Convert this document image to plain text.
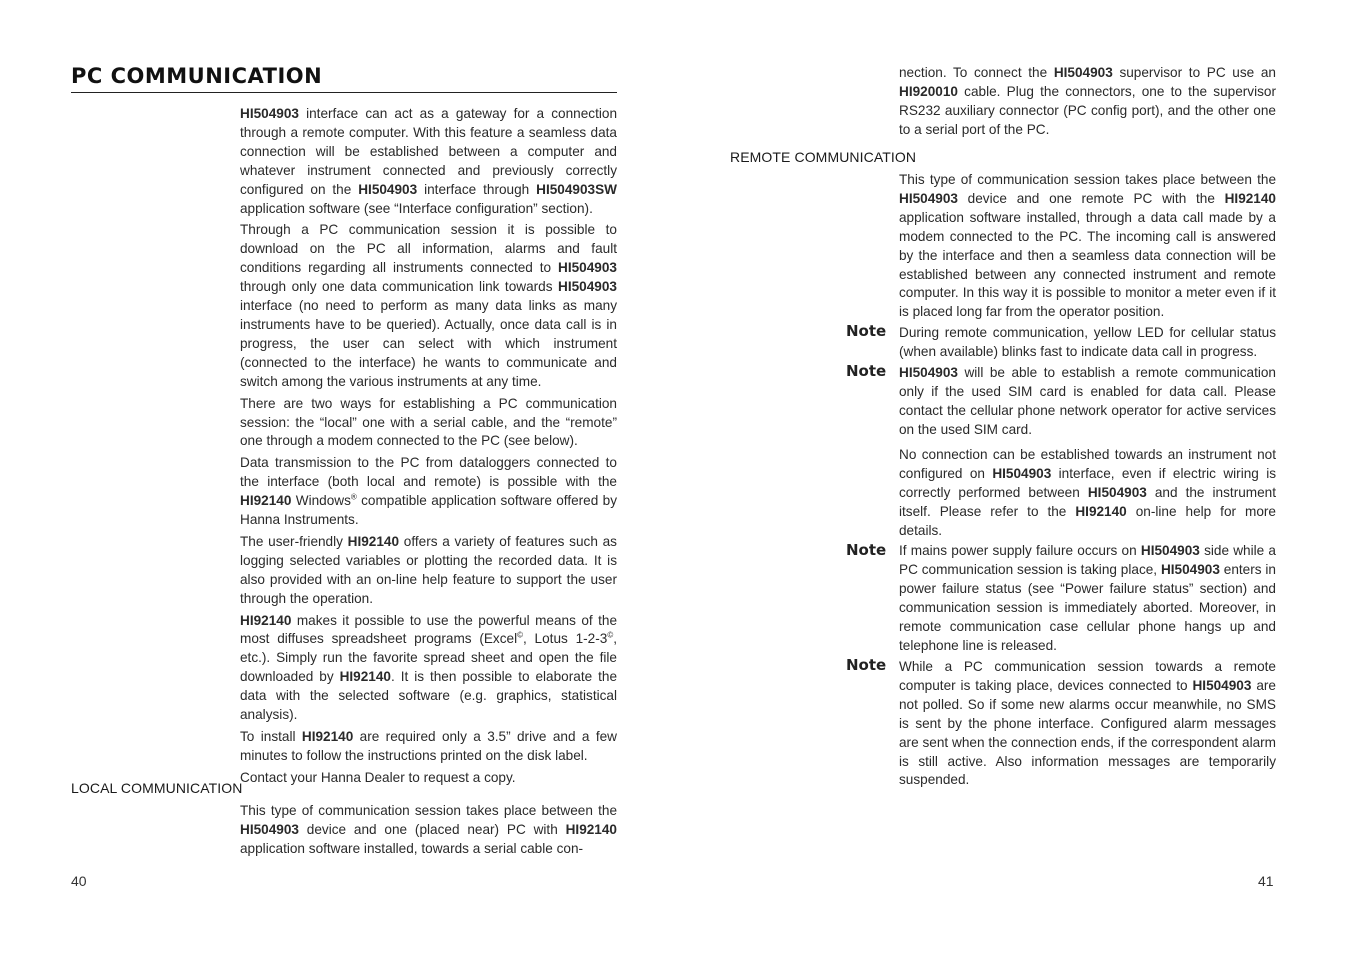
PC COMMUNICATION

HI504903 interface can act as a gateway for a connection through a remote computer. With this feature a seamless data connection will be established between a computer and whatever instrument connected and previously correctly configured on the HI504903 interface through HI504903SW application software (see “Interface configuration” section).

Through a PC communication session it is possible to download on the PC all information, alarms and fault conditions regarding all instruments connected to HI504903 through only one data communication link towards HI504903 interface (no need to perform as many data links as many instruments have to be queried). Actually, once data call is in progress, the user can select with which instrument (connected to the interface) he wants to communicate and switch among the various instruments at any time.

There are two ways for establishing a PC communication session: the “local” one with a serial cable, and the “remote” one through a modem connected to the PC (see below).

Data transmission to the PC from dataloggers connected to the interface (both local and remote) is possible with the HI92140 Windows® compatible application software offered by Hanna Instruments.

The user-friendly HI92140 offers a variety of features such as logging selected variables or plotting the recorded data. It is also provided with an on-line help feature to support the user through the operation.

HI92140 makes it possible to use the powerful means of the most diffuses spreadsheet programs (Excel©, Lotus 1-2-3©, etc.). Simply run the favorite spread sheet and open the file downloaded by HI92140. It is then possible to elaborate the data with the selected software (e.g. graphics, statistical analysis).

To install HI92140 are required only a 3.5” drive and a few minutes to follow the instructions printed on the disk label.

Contact your Hanna Dealer to request a copy.

LOCAL COMMUNICATION

This type of communication session takes place between the HI504903 device and one (placed near) PC with HI92140 application software installed, towards a serial cable con-

40

nection. To connect the HI504903 supervisor to PC use an HI920010 cable. Plug the connectors, one to the supervisor RS232 auxiliary connector (PC config port), and the other one to a serial port of the PC.

REMOTE COMMUNICATION

This type of communication session takes place between the HI504903 device and one remote PC with the HI92140 application software installed, through a data call made by a modem connected to the PC. The incoming call is answered by the interface and then a seamless data connection will be established between any connected instrument and remote computer. In this way it is possible to monitor a meter even if it is placed long far from the operator position.

Note During remote communication, yellow LED for cellular status (when available) blinks fast to indicate data call in progress.

Note HI504903 will be able to establish a remote communication only if the used SIM card is enabled for data call. Please contact the cellular phone network operator for active services on the used SIM card.

No connection can be established towards an instrument not configured on HI504903 interface, even if electric wiring is correctly performed between HI504903 and the instrument itself. Please refer to the HI92140 on-line help for more details.

Note If mains power supply failure occurs on HI504903 side while a PC communication session is taking place, HI504903 enters in power failure status (see “Power failure status” section) and communication session is immediately aborted. Moreover, in remote communication case cellular phone hangs up and telephone line is released.

Note While a PC communication session towards a remote computer is taking place, devices connected to HI504903 are not polled. So if some new alarms occur meanwhile, no SMS is sent by the phone interface. Configured alarm messages are sent when the connection ends, if the correspondent alarm is still active. Also information messages are temporarily suspended.

41
